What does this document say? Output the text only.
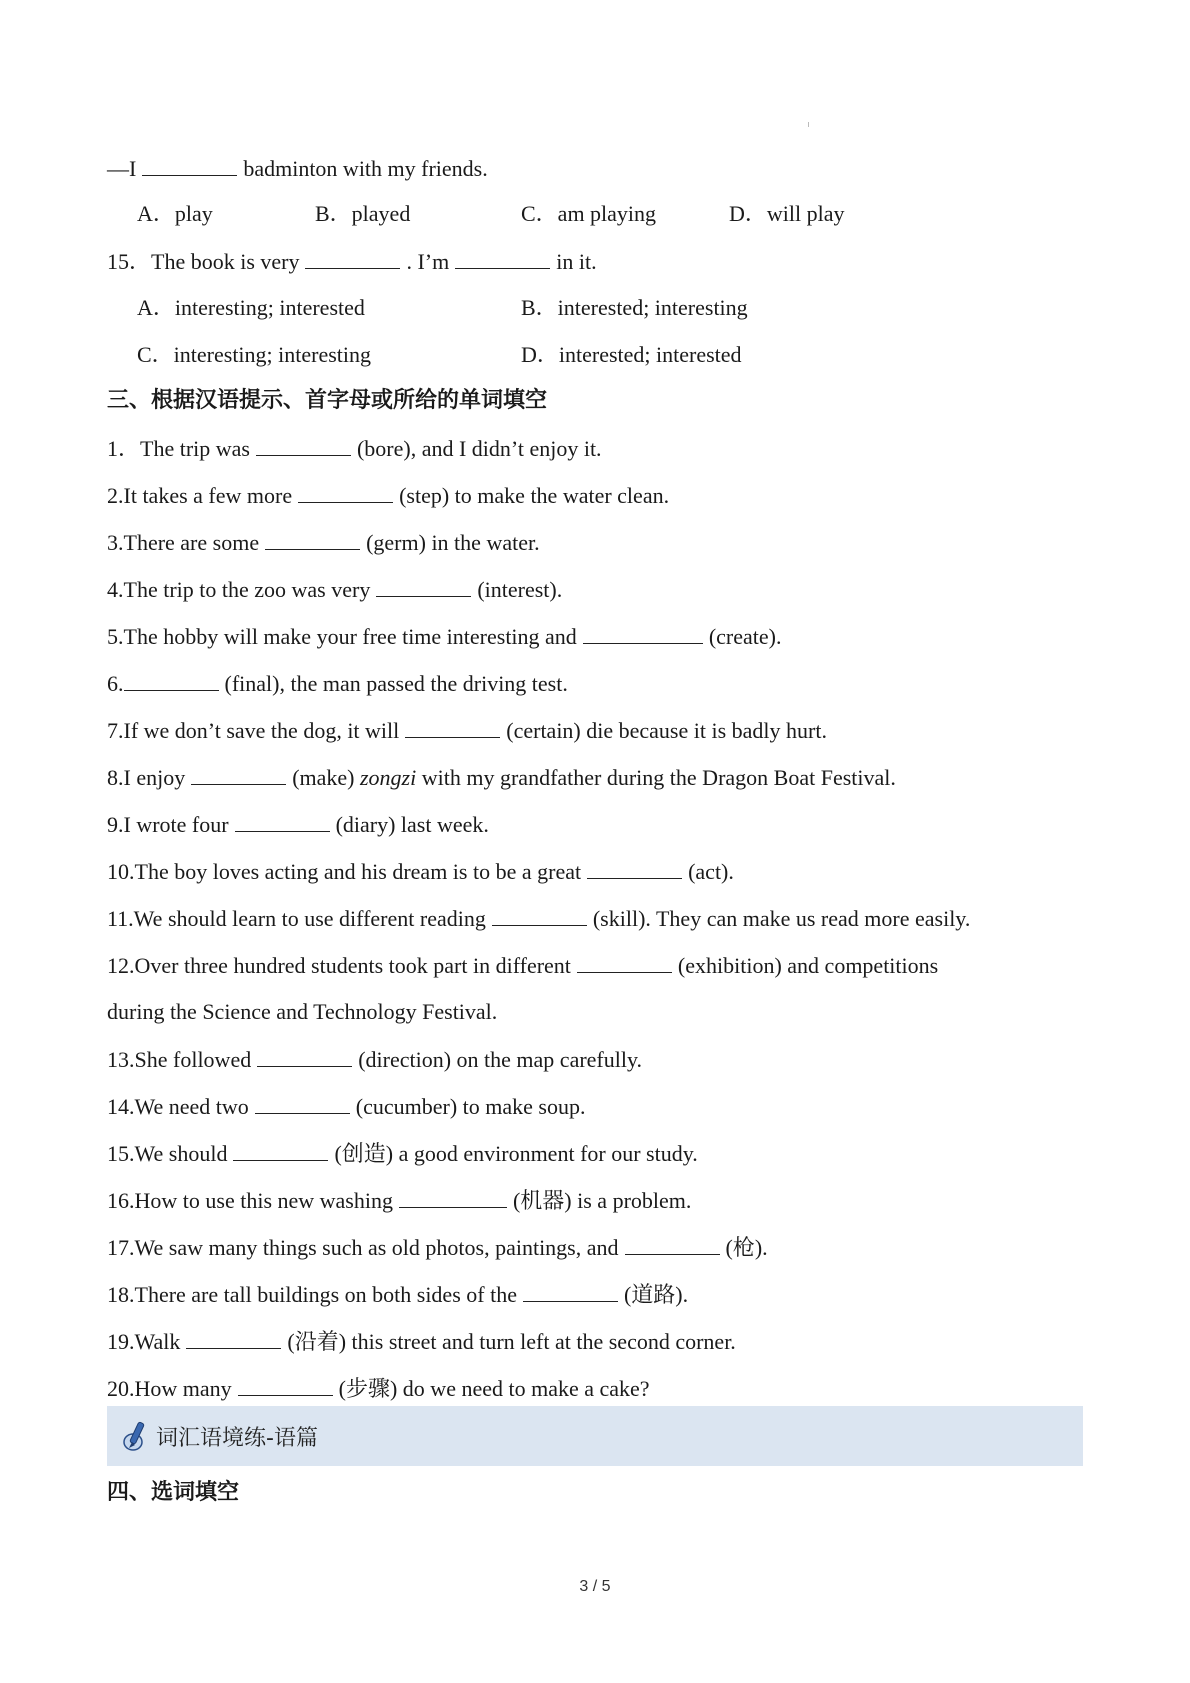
—I	badminton with my friends.
A．play	B．played	C．am playing	D．will play
15．The book is very	. I’m	in it.
A．interesting; interested	B．interested; interesting
C．interesting; interesting	D．interested; interested
三、根据汉语提示、首字母或所给的单词填空
1．The trip was	(bore), and I didn’t enjoy it.
2.It takes a few more	(step) to make the water clean.
3.There are some	(germ) in the water.
4.The trip to the zoo was very	(interest).
5.The hobby will make your free time interesting and	(create).
6.	(final), the man passed the driving test.
7.If we don’t save the dog, it will	(certain) die because it is badly hurt.
8.I enjoy	(make) zongzi with my grandfather during the Dragon Boat Festival.
9.I wrote four	(diary) last week.
10.The boy loves acting and his dream is to be a great	(act).
11.We should learn to use different reading	(skill). They can make us read more easily.
12.Over three hundred students took part in different	(exhibition) and competitions
during the Science and Technology Festival.
13.She followed	(direction) on the map carefully.
14.We need two	(cucumber) to make soup.
15.We should	(创造) a good environment for our study.
16.How to use this new washing	(机器) is a problem.
17.We saw many things such as old photos, paintings, and	(枪).
18.There are tall buildings on both sides of the	(道路).
19.Walk	(沿着) this street and turn left at the second corner.
20.How many	(步骤) do we need to make a cake?
词汇语境练-语篇
四、选词填空
3 / 5
